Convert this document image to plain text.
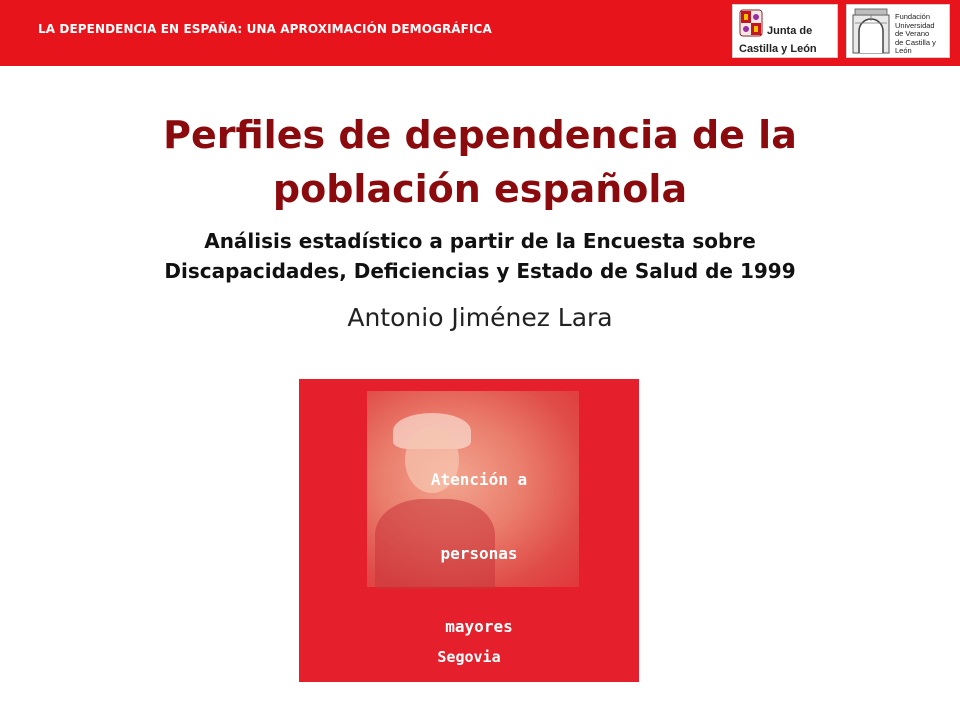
LA DEPENDENCIA EN ESPAÑA: UNA APROXIMACIÓN DEMOGRÁFICA	Junta de
Castilla y León
Fundación
Universidad
de Verano
de Castilla y León
Perfiles de dependencia de la
población española
Análisis estadístico a partir de la Encuesta sobre
Discapacidades, Deficiencias y Estado de Salud de 1999
Antonio Jiménez Lara

Atención a

personas

mayores

Segovia
